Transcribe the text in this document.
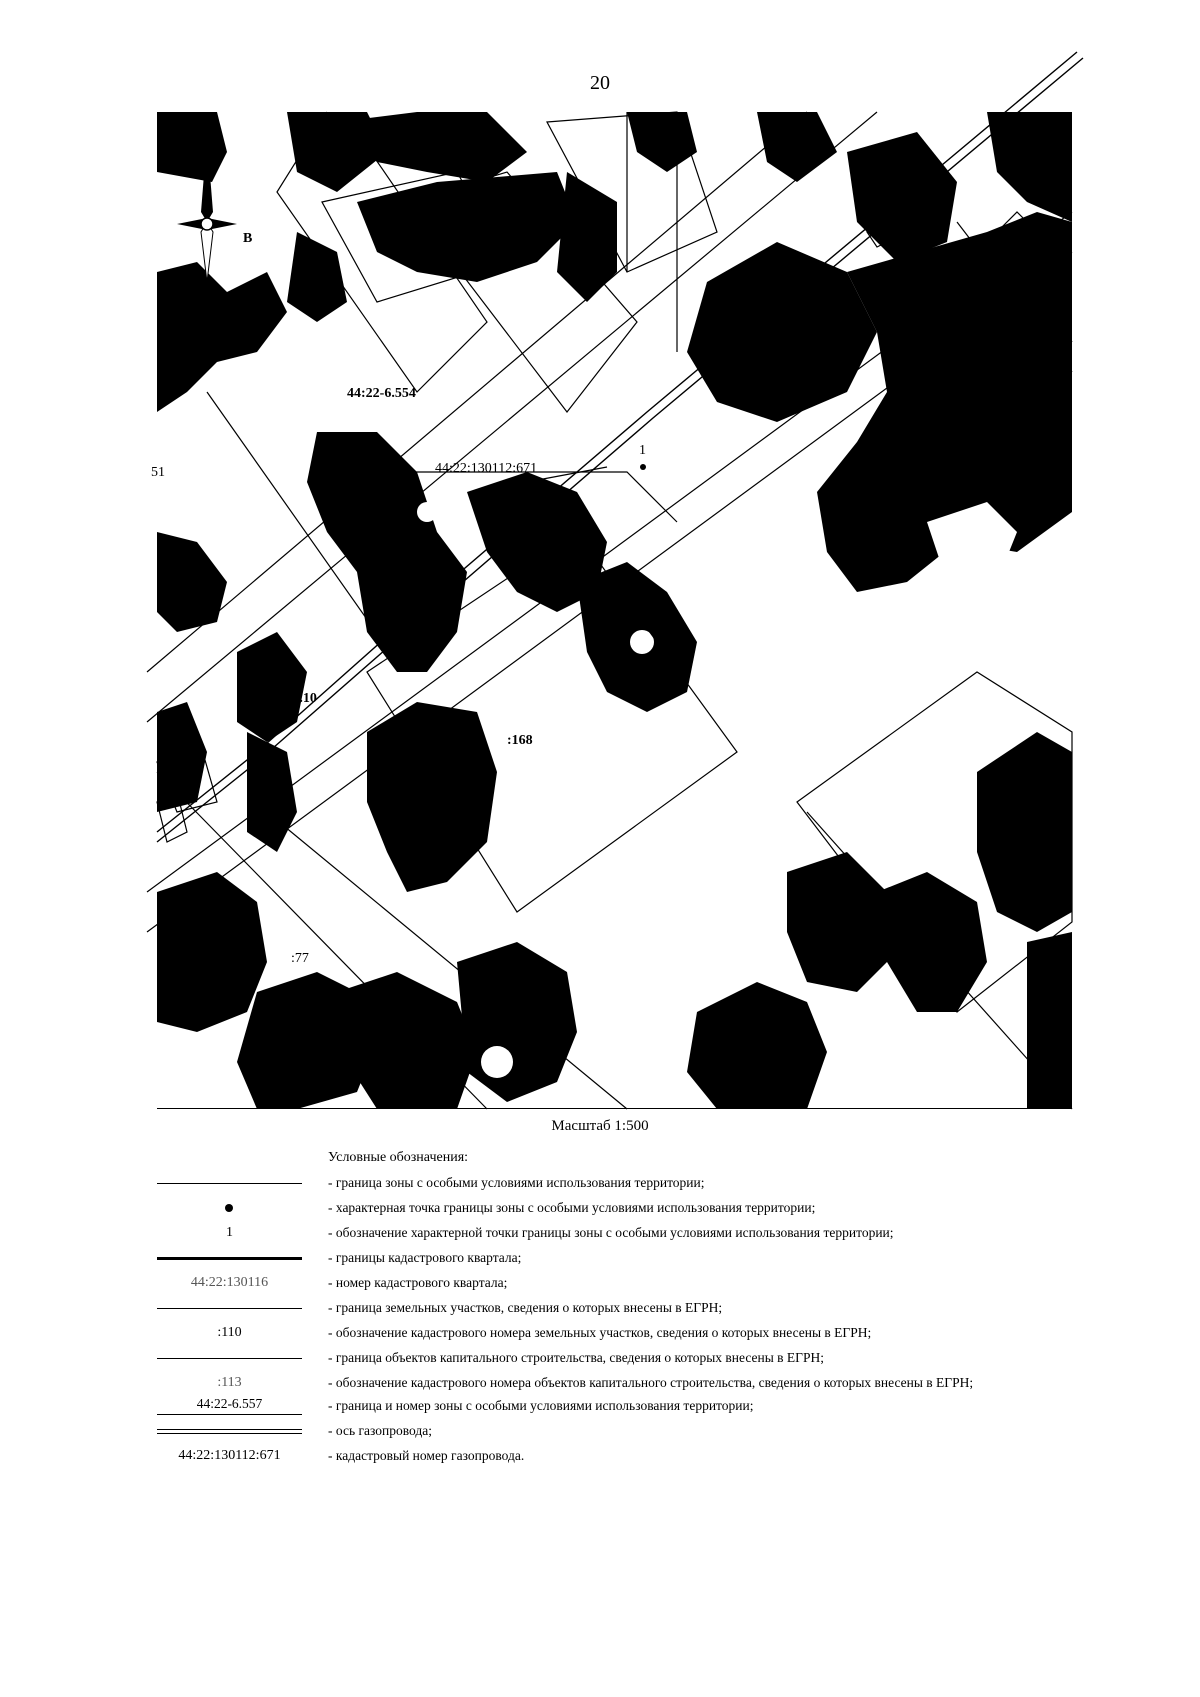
20
С
В
44:22:130112:671
1
44:22-6.554
44:22-6.10
:168
:77
51
Масштаб 1:500
Условные обозначения:
- граница зоны с особыми условиями использования территории;
- характерная точка границы зоны с особыми условиями использования территории;
1	- обозначение характерной точки границы зоны с особыми условиями использования территории;
- границы кадастрового квартала;
44:22:130116	- номер кадастрового квартала;
- граница земельных участков, сведения о которых внесены в ЕГРН;
:110	- обозначение кадастрового номера земельных участков, сведения о которых внесены в ЕГРН;
- граница объектов капитального строительства, сведения о которых внесены в ЕГРН;
:113	- обозначение кадастрового номера объектов капитального строительства, сведения о которых внесены в ЕГРН;
44:22-6.557	- граница и номер зоны с особыми условиями использования территории;
- ось газопровода;
44:22:130112:671	- кадастровый номер газопровода.
